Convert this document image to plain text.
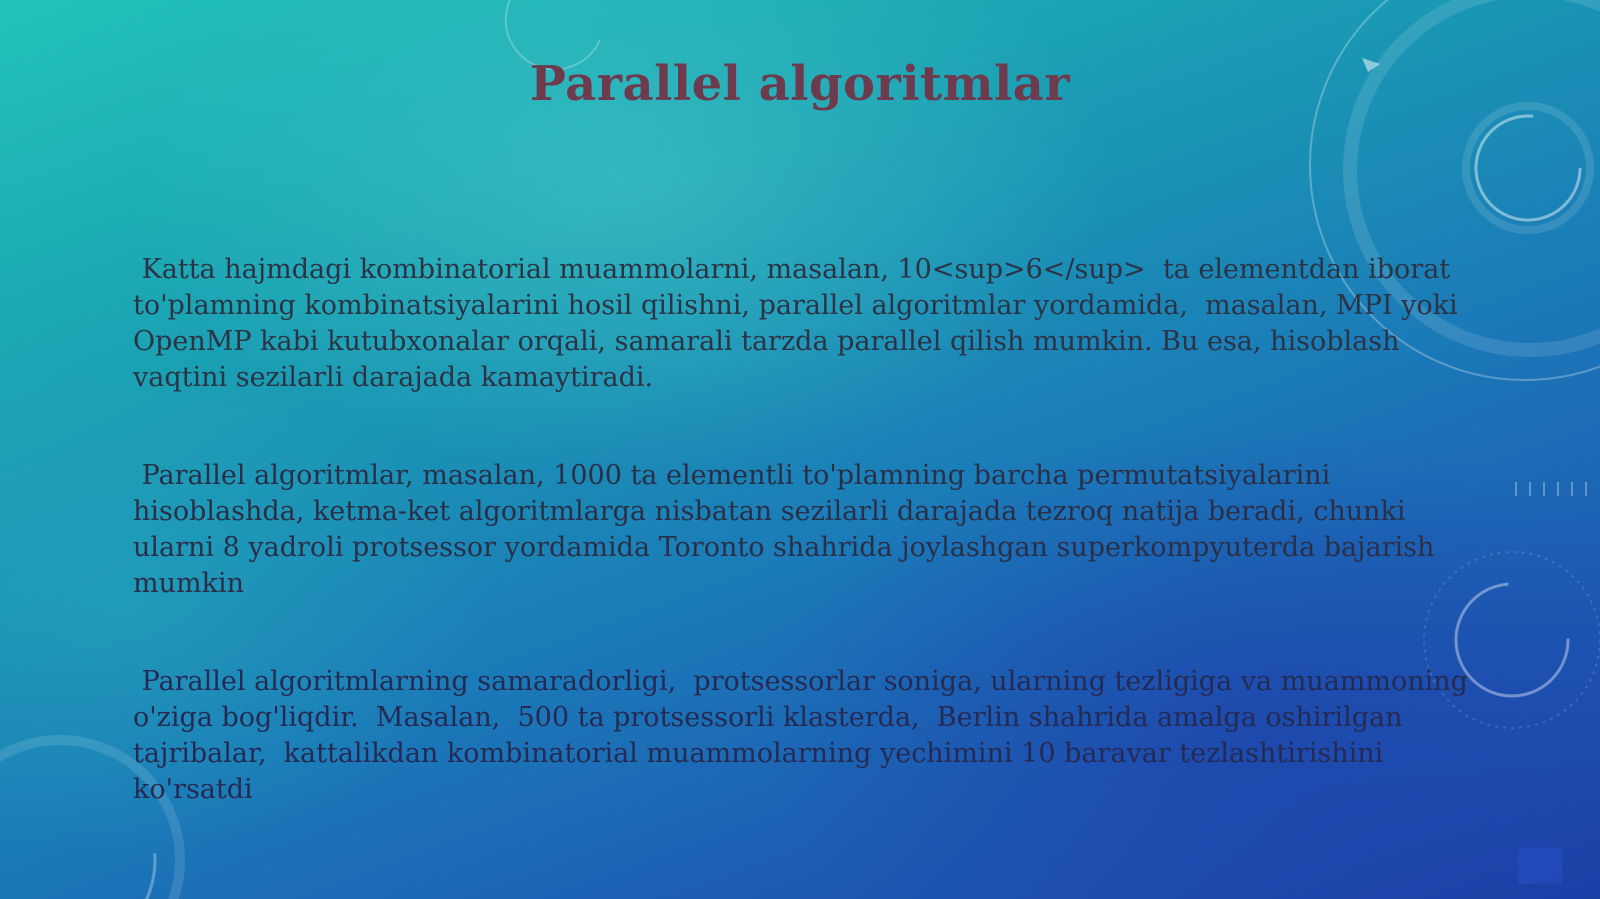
Parallel algoritmlar
Katta hajmdagi kombinatorial muammolarni, masalan, 10<sup>6</sup>  ta elementdan iborat to'plamning kombinatsiyalarini hosil qilishni, parallel algoritmlar yordamida,  masalan, MPI yoki OpenMP kabi kutubxonalar orqali, samarali tarzda parallel qilish mumkin. Bu esa, hisoblash vaqtini sezilarli darajada kamaytiradi.
Parallel algoritmlar, masalan, 1000 ta elementli to'plamning barcha permutatsiyalarini hisoblashda, ketma-ket algoritmlarga nisbatan sezilarli darajada tezroq natija beradi, chunki ularni 8 yadroli protsessor yordamida Toronto shahrida joylashgan superkompyuterda bajarish mumkin
Parallel algoritmlarning samaradorligi,  protsessorlar soniga, ularning tezligiga va muammoning o'ziga bog'liqdir.  Masalan,  500 ta protsessorli klasterda,  Berlin shahrida amalga oshirilgan tajribalar,  kattalikdan kombinatorial muammolarning yechimini 10 baravar tezlashtirishini ko'rsatdi
